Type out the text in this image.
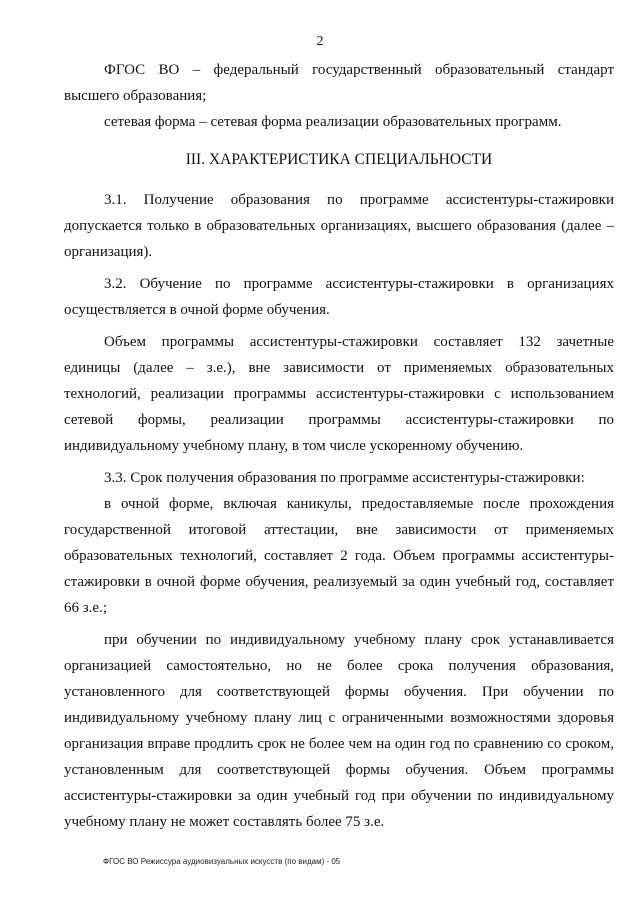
2

ФГОС ВО – федеральный государственный образовательный стандарт высшего образования;

сетевая форма – сетевая форма реализации образовательных программ.

III. ХАРАКТЕРИСТИКА СПЕЦИАЛЬНОСТИ

3.1. Получение образования по программе ассистентуры-стажировки допускается только в образовательных организациях, высшего образования (далее – организация).

3.2. Обучение по программе ассистентуры-стажировки в организациях осуществляется в очной форме обучения.

Объем программы ассистентуры-стажировки составляет 132 зачетные единицы (далее – з.е.), вне зависимости от применяемых образовательных технологий, реализации программы ассистентуры-стажировки с использованием сетевой формы, реализации программы ассистентуры-стажировки по индивидуальному учебному плану, в том числе ускоренному обучению.

3.3. Срок получения образования по программе ассистентуры-стажировки:

в очной форме, включая каникулы, предоставляемые после прохождения государственной итоговой аттестации, вне зависимости от применяемых образовательных технологий, составляет 2 года. Объем программы ассистентуры-стажировки в очной форме обучения, реализуемый за один учебный год, составляет 66 з.е.;

при обучении по индивидуальному учебному плану срок устанавливается организацией самостоятельно, но не более срока получения образования, установленного для соответствующей формы обучения. При обучении по индивидуальному учебному плану лиц с ограниченными возможностями здоровья организация вправе продлить срок не более чем на один год по сравнению со сроком, установленным для соответствующей формы обучения. Объем программы ассистентуры-стажировки за один учебный год при обучении по индивидуальному учебному плану не может составлять более 75 з.е.

ФГОС ВО Режиссура аудиовизуальных искусств (по видам) - 05
